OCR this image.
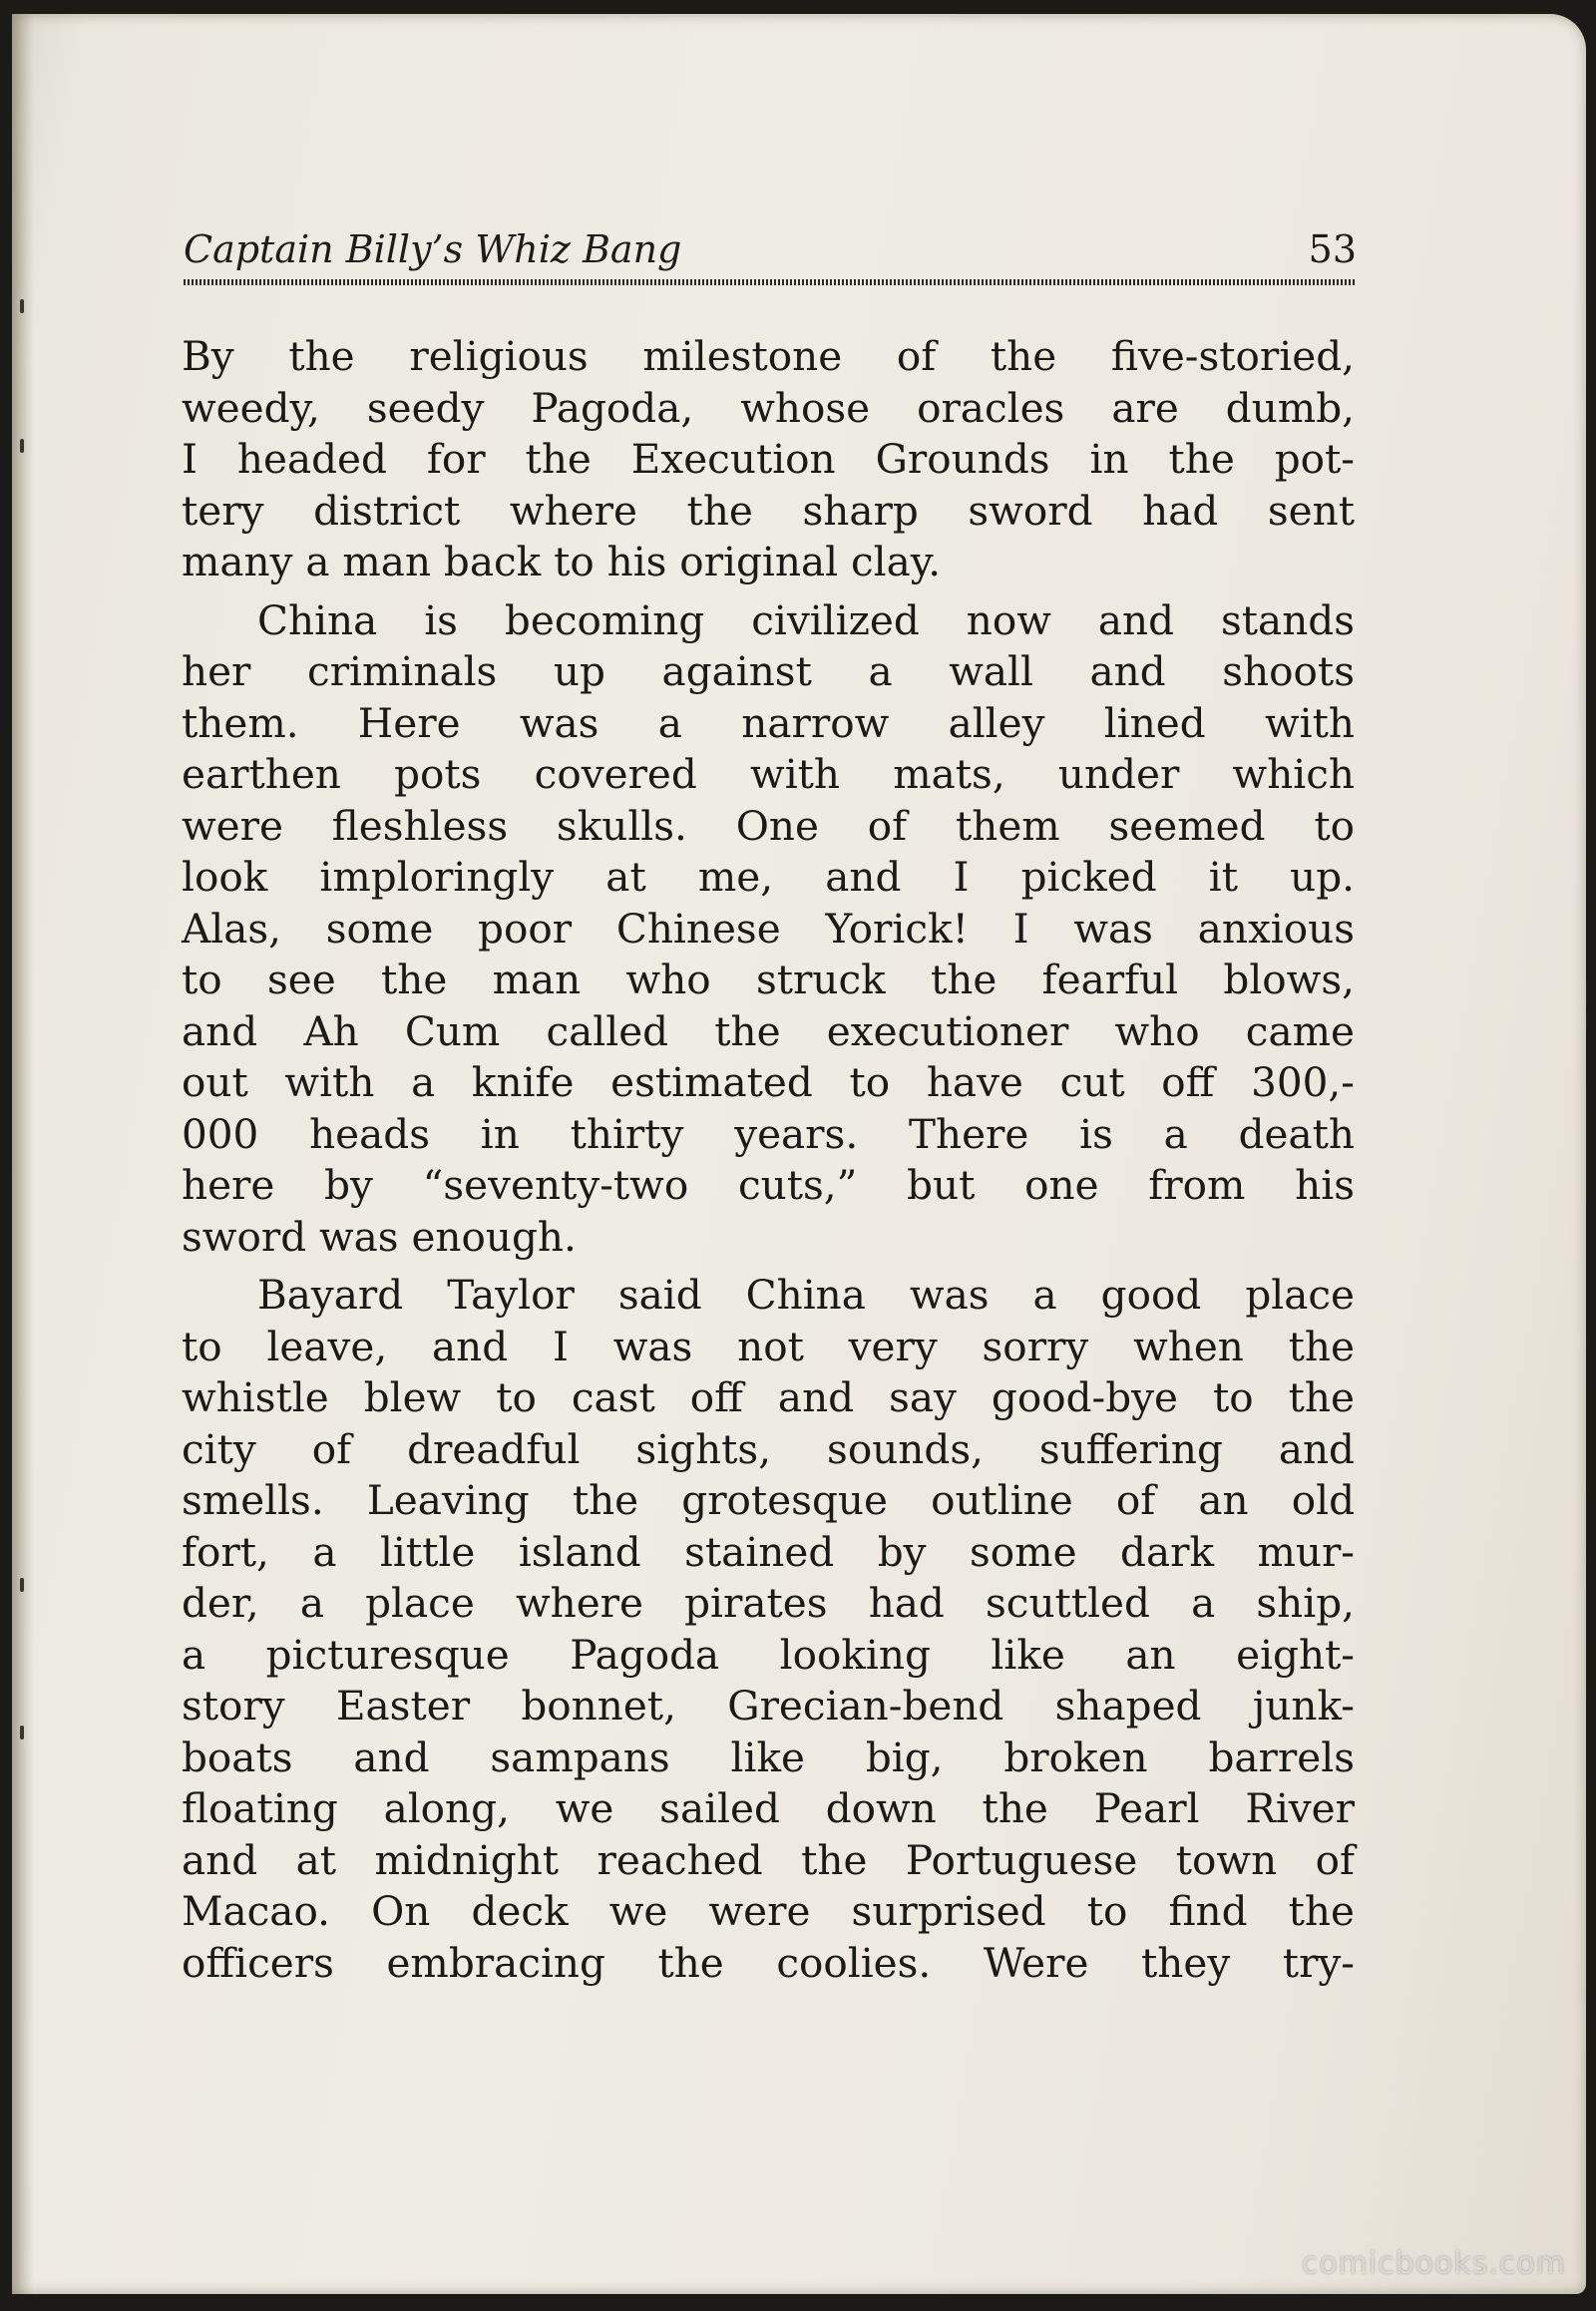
Captain Billy’s Whiz Bang	53
By the religious milestone of the five-storied,
weedy, seedy Pagoda, whose oracles are dumb,
I headed for the Execution Grounds in the pot-
tery district where the sharp sword had sent
many a man back to his original clay.
China is becoming civilized now and stands
her criminals up against a wall and shoots
them. Here was a narrow alley lined with
earthen pots covered with mats, under which
were fleshless skulls. One of them seemed to
look imploringly at me, and I picked it up.
Alas, some poor Chinese Yorick! I was anxious
to see the man who struck the fearful blows,
and Ah Cum called the executioner who came
out with a knife estimated to have cut off 300,-
000 heads in thirty years. There is a death
here by “seventy-two cuts,” but one from his
sword was enough.
Bayard Taylor said China was a good place
to leave, and I was not very sorry when the
whistle blew to cast off and say good-bye to the
city of dreadful sights, sounds, suffering and
smells. Leaving the grotesque outline of an old
fort, a little island stained by some dark mur-
der, a place where pirates had scuttled a ship,
a picturesque Pagoda looking like an eight-
story Easter bonnet, Grecian-bend shaped junk-
boats and sampans like big, broken barrels
floating along, we sailed down the Pearl River
and at midnight reached the Portuguese town of
Macao. On deck we were surprised to find the
officers embracing the coolies. Were they try-
comicbooks.com
